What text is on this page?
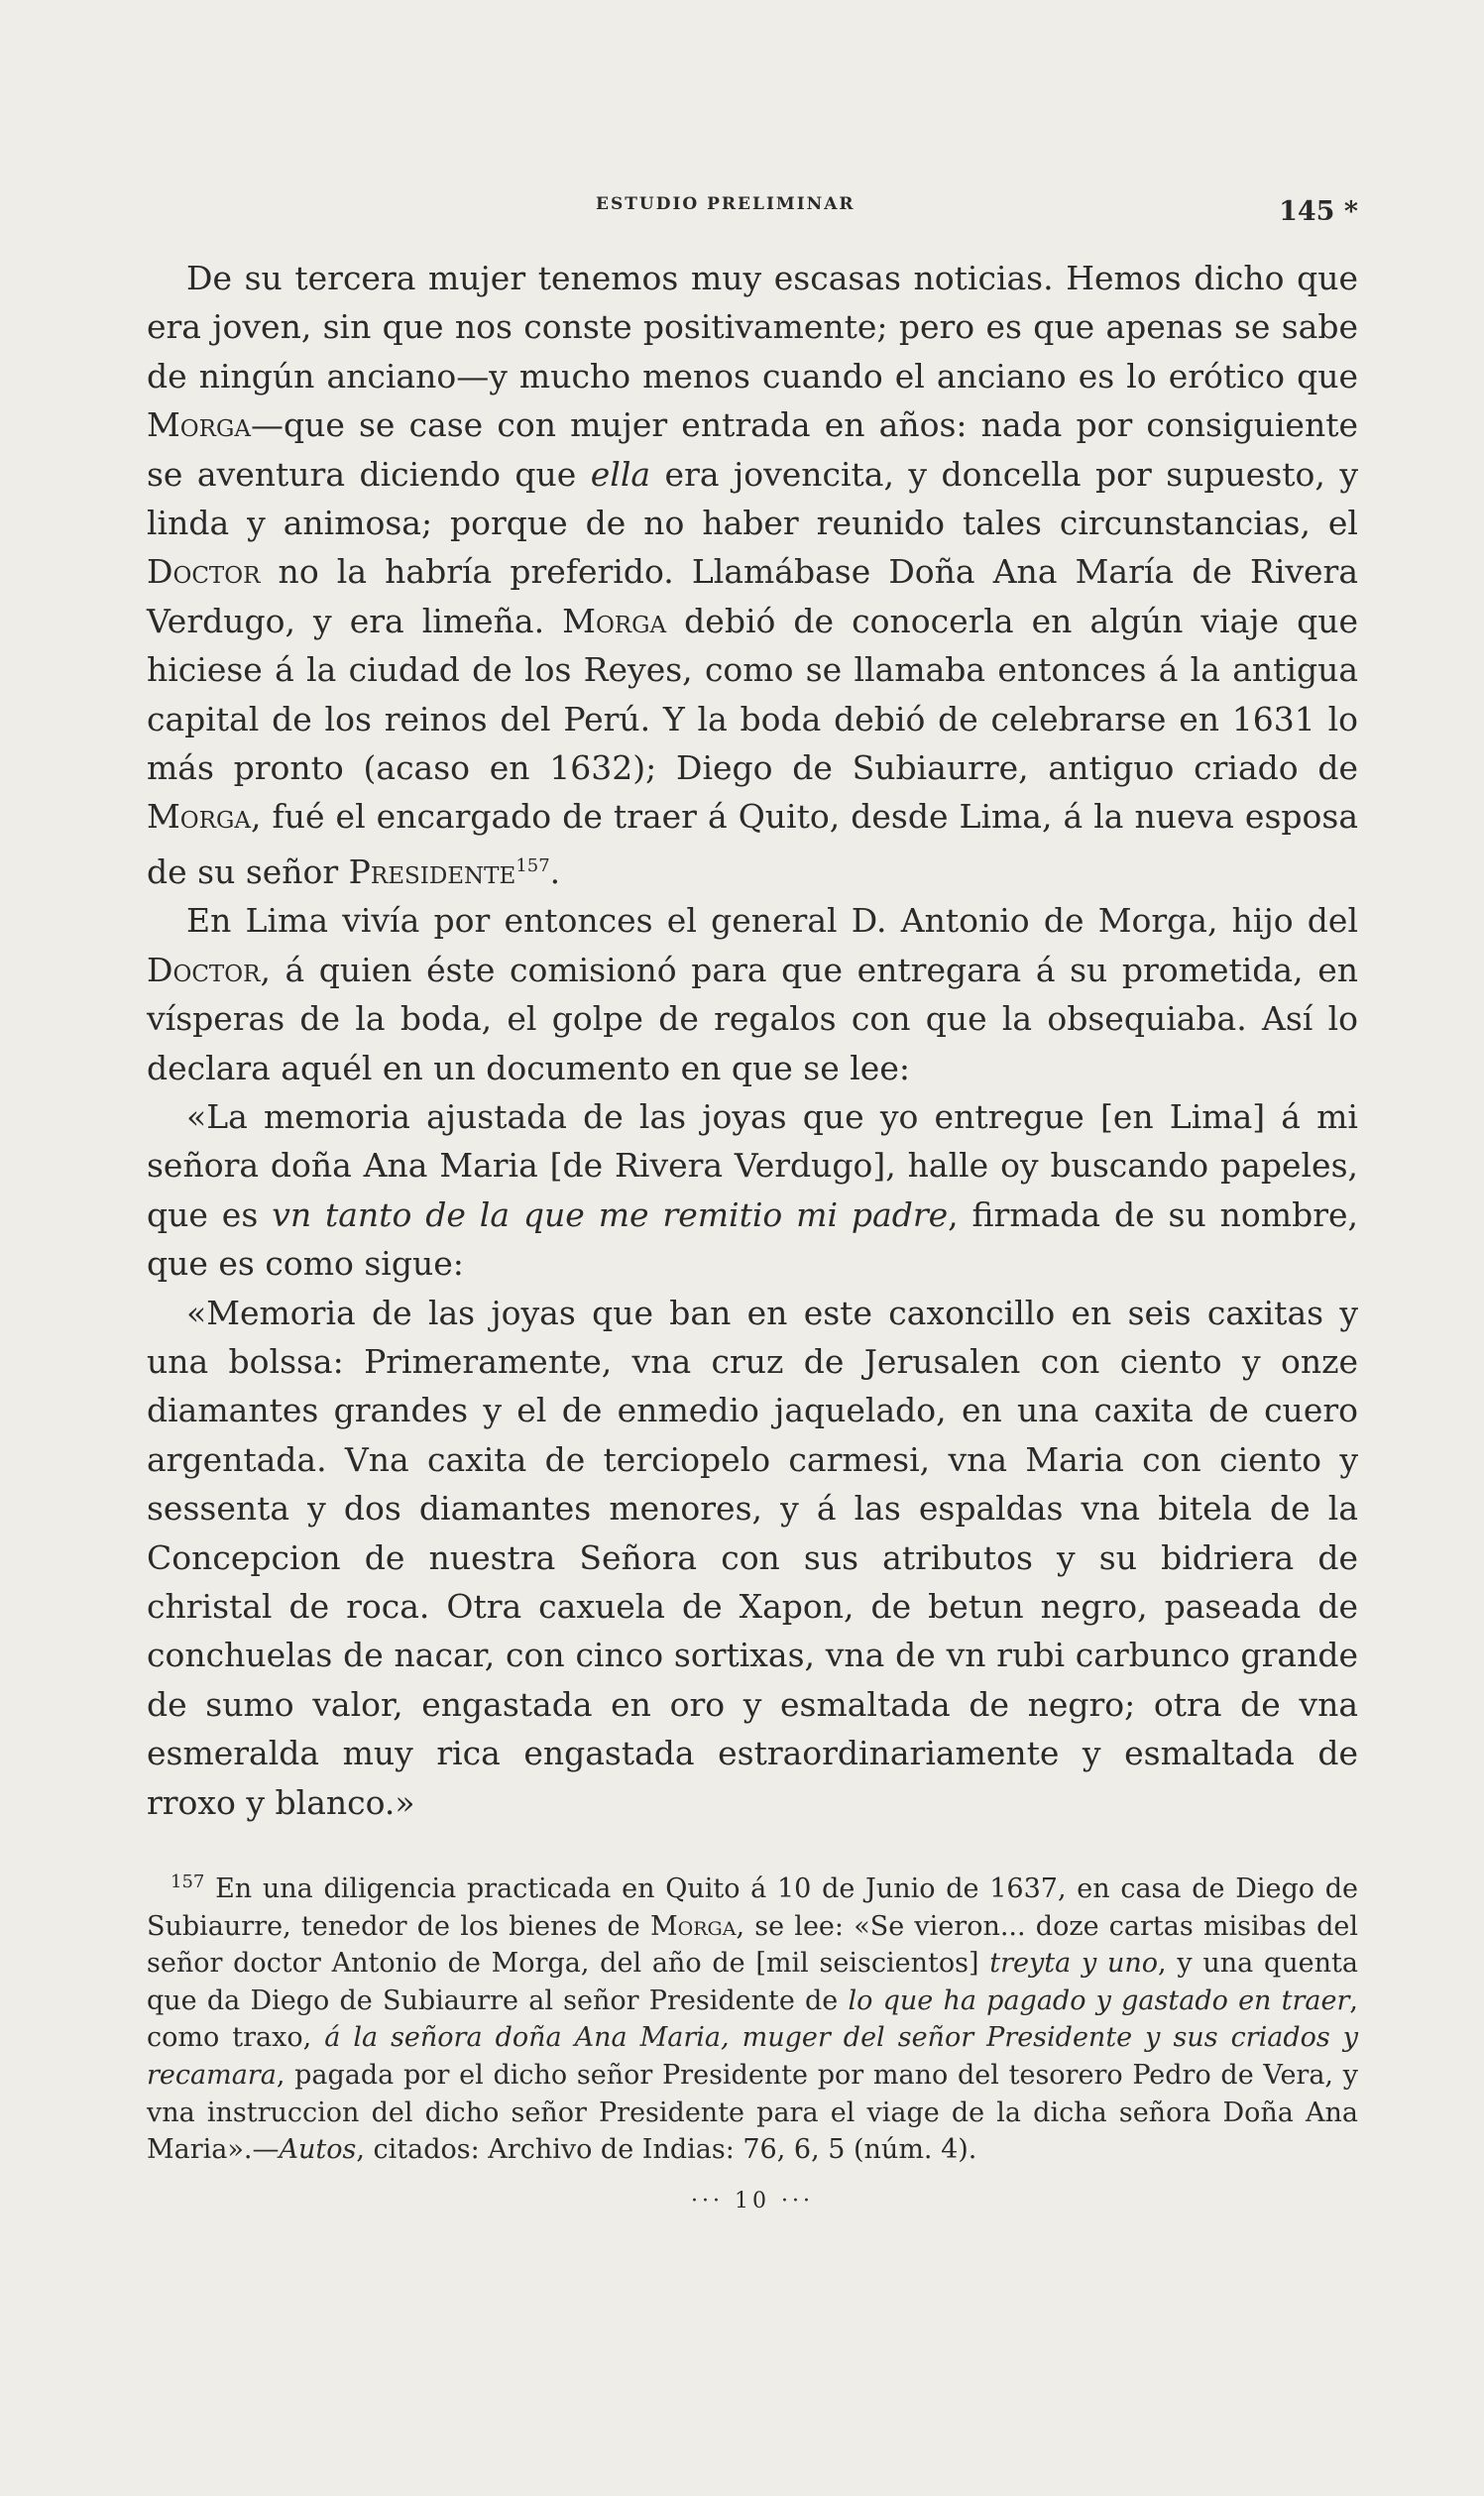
ESTUDIO PRELIMINAR	145 *

De su tercera mujer tenemos muy escasas noticias. Hemos dicho que era joven, sin que nos conste positivamente; pero es que apenas se sabe de ningún anciano—y mucho menos cuando el anciano es lo erótico que Morga—que se case con mujer entrada en años: nada por consiguiente se aventura diciendo que ella era jovencita, y doncella por supuesto, y linda y animosa; porque de no haber reunido tales circunstancias, el Doctor no la habría preferido. Llamábase Doña Ana María de Rivera Verdugo, y era limeña. Morga debió de conocerla en algún viaje que hiciese á la ciudad de los Reyes, como se llamaba entonces á la antigua capital de los reinos del Perú. Y la boda debió de celebrarse en 1631 lo más pronto (acaso en 1632); Diego de Subiaurre, antiguo criado de Morga, fué el encargado de traer á Quito, desde Lima, á la nueva esposa de su señor Presidente$^{157}$.

En Lima vivía por entonces el general D. Antonio de Morga, hijo del Doctor, á quien éste comisionó para que entregara á su prometida, en vísperas de la boda, el golpe de regalos con que la obsequiaba. Así lo declara aquél en un documento en que se lee:

«La memoria ajustada de las joyas que yo entregue [en Lima] á mi señora doña Ana Maria [de Rivera Verdugo], halle oy buscando papeles, que es vn tanto de la que me remitio mi padre, firmada de su nombre, que es como sigue:

«Memoria de las joyas que ban en este caxoncillo en seis caxitas y una bolssa: Primeramente, vna cruz de Jerusalen con ciento y onze diamantes grandes y el de enmedio jaquelado, en una caxita de cuero argentada. Vna caxita de terciopelo carmesi, vna Maria con ciento y sessenta y dos diamantes menores, y á las espaldas vna bitela de la Concepcion de nuestra Señora con sus atributos y su bidriera de christal de roca. Otra caxuela de Xapon, de betun negro, paseada de conchuelas de nacar, con cinco sortixas, vna de vn rubi carbunco grande de sumo valor, engastada en oro y esmaltada de negro; otra de vna esmeralda muy rica engastada estraordinariamente y esmaltada de rroxo y blanco.»

$^{157}$ En una diligencia practicada en Quito á 10 de Junio de 1637, en casa de Diego de Subiaurre, tenedor de los bienes de Morga, se lee: «Se vieron... doze cartas misibas del señor doctor Antonio de Morga, del año de [mil seiscientos] treyta y uno, y una quenta que da Diego de Subiaurre al señor Presidente de lo que ha pagado y gastado en traer, como traxo, á la señora doña Ana Maria, muger del señor Presidente y sus criados y recamara, pagada por el dicho señor Presidente por mano del tesorero Pedro de Vera, y vna instruccion del dicho señor Presidente para el viage de la dicha señora Doña Ana Maria».—Autos, citados: Archivo de Indias: 76, 6, 5 (núm. 4).

··· 10 ···
